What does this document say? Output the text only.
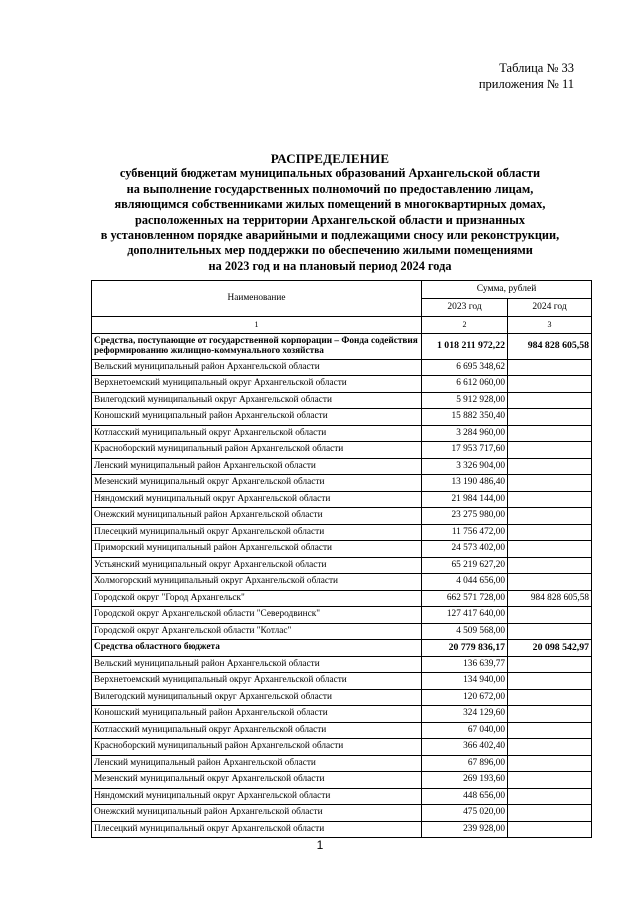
Таблица № 33
приложения № 11
РАСПРЕДЕЛЕНИЕ
субвенций бюджетам муниципальных образований Архангельской области
на выполнение государственных полномочий по предоставлению лицам,
являющимся собственниками жилых помещений в многоквартирных домах,
расположенных на территории Архангельской области и признанных
в установленном порядке аварийными и подлежащими сносу или реконструкции,
дополнительных мер поддержки по обеспечению жилыми помещениями
на 2023 год и на плановый период 2024 года
Наименование	Сумма, рублей	
	2023 год	2024 год
1	2	3
Средства, поступающие от государственной корпорации – Фонда содействия реформированию жилищно-коммунального хозяйства	1 018 211 972,22	984 828 605,58
Вельский муниципальный район Архангельской области	6 695 348,62	
Верхнетоемский муниципальный округ Архангельской области	6 612 060,00	
Вилегодский муниципальный округ Архангельской области	5 912 928,00	
Коношский муниципальный район Архангельской области	15 882 350,40	
Котласский муниципальный округ Архангельской области	3 284 960,00	
Красноборский муниципальный район Архангельской области	17 953 717,60	
Ленский муниципальный район Архангельской области	3 326 904,00	
Мезенский муниципальный округ Архангельской области	13 190 486,40	
Няндомский муниципальный округ Архангельской области	21 984 144,00	
Онежский муниципальный район Архангельской области	23 275 980,00	
Плесецкий муниципальный округ Архангельской области	11 756 472,00	
Приморский муниципальный район Архангельской области	24 573 402,00	
Устьянский муниципальный округ Архангельской области	65 219 627,20	
Холмогорский муниципальный округ Архангельской области	4 044 656,00	
Городской округ "Город Архангельск"	662 571 728,00	984 828 605,58
Городской округ Архангельской области "Северодвинск"	127 417 640,00	
Городской округ Архангельской области "Котлас"	4 509 568,00	
Средства областного бюджета	20 779 836,17	20 098 542,97
Вельский муниципальный район Архангельской области	136 639,77	
Верхнетоемский муниципальный округ Архангельской области	134 940,00	
Вилегодский муниципальный округ Архангельской области	120 672,00	
Коношский муниципальный район Архангельской области	324 129,60	
Котласский муниципальный округ Архангельской области	67 040,00	
Красноборский муниципальный район Архангельской области	366 402,40	
Ленский муниципальный район Архангельской области	67 896,00	
Мезенский муниципальный округ Архангельской области	269 193,60	
Няндомский муниципальный округ Архангельской области	448 656,00	
Онежский муниципальный район Архангельской области	475 020,00	
Плесецкий муниципальный округ Архангельской области	239 928,00	
1
